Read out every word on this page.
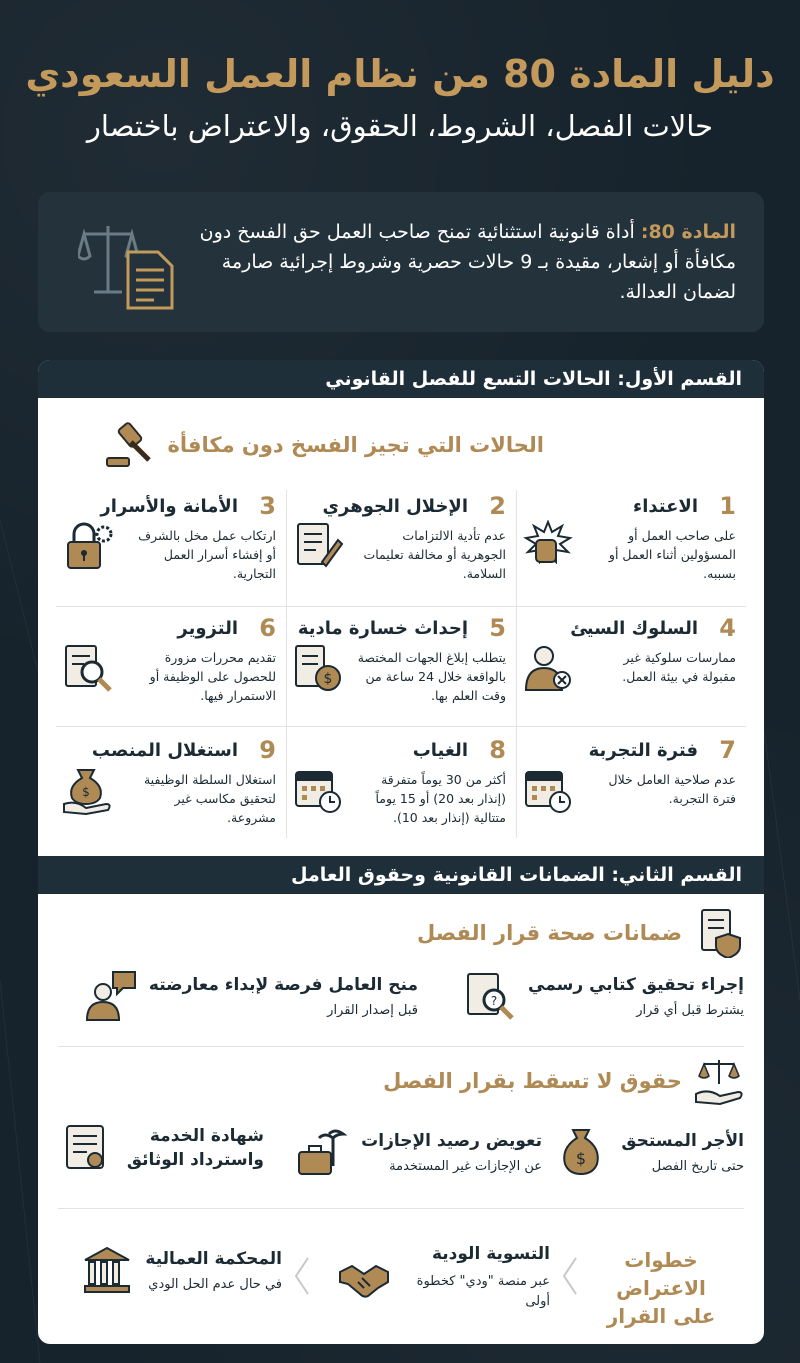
دليل المادة 80 من نظام العمل السعودي
حالات الفصل، الشروط، الحقوق، والاعتراض باختصار
المادة 80: أداة قانونية استثنائية تمنح صاحب العمل حق الفسخ دون مكافأة أو إشعار، مقيدة بـ 9 حالات حصرية وشروط إجرائية صارمة لضمان العدالة.
القسم الأول: الحالات التسع للفصل القانوني
الحالات التي تجيز الفسخ دون مكافأة
1
الاعتداء
على صاحب العمل أو المسؤولين أثناء العمل أو بسببه.
2
الإخلال الجوهري
عدم تأدية الالتزامات الجوهرية أو مخالفة تعليمات السلامة.
3
الأمانة والأسرار
ارتكاب عمل مخل بالشرف أو إفشاء أسرار العمل التجارية.
4
السلوك السيئ
ممارسات سلوكية غير مقبولة في بيئة العمل.
5
إحداث خسارة مادية
يتطلب إبلاغ الجهات المختصة بالواقعة خلال 24 ساعة من وقت العلم بها.
$
6
التزوير
تقديم محررات مزورة للحصول على الوظيفة أو الاستمرار فيها.
7
فترة التجربة
عدم صلاحية العامل خلال فترة التجربة.
8
الغياب
أكثر من 30 يوماً متفرقة (إنذار بعد 20) أو 15 يوماً متتالية (إنذار بعد 10).
9
استغلال المنصب
استغلال السلطة الوظيفية لتحقيق مكاسب غير مشروعة.
$
القسم الثاني: الضمانات القانونية وحقوق العامل
ضمانات صحة قرار الفصل
إجراء تحقيق كتابي رسمي
يشترط قبل أي قرار
?
منح العامل فرصة لإبداء معارضته
قبل إصدار القرار
حقوق لا تسقط بقرار الفصل
الأجر المستحق
حتى تاريخ الفصل
$
تعويض رصيد الإجازات
عن الإجازات غير المستخدمة
شهادة الخدمة
واسترداد الوثائق
خطوات الاعتراض
على القرار
التسوية الودية
عبر منصة "ودي" كخطوة أولى
المحكمة العمالية
في حال عدم الحل الودي
